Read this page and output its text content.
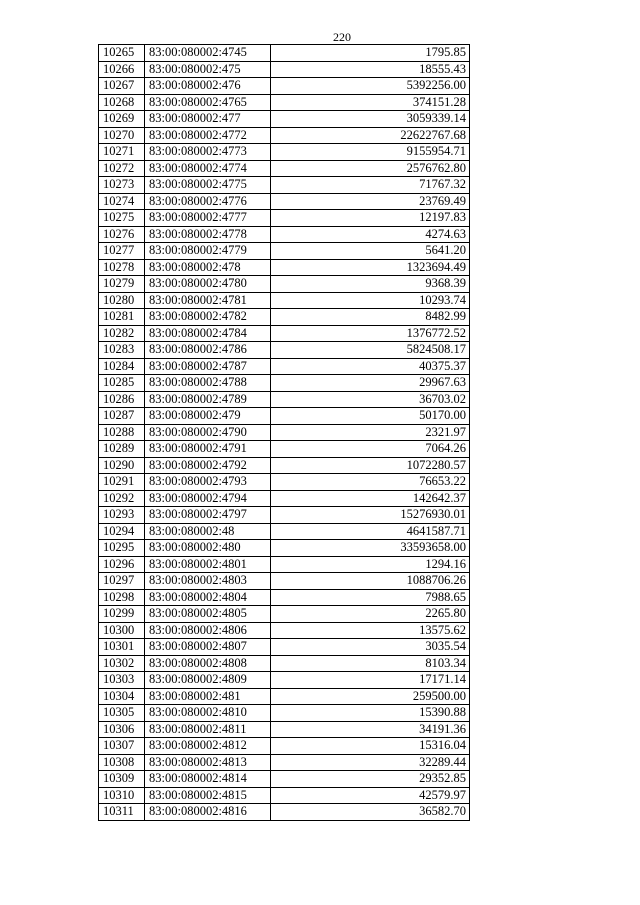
220
10265	83:00:080002:4745	1795.85
10266	83:00:080002:475	18555.43
10267	83:00:080002:476	5392256.00
10268	83:00:080002:4765	374151.28
10269	83:00:080002:477	3059339.14
10270	83:00:080002:4772	22622767.68
10271	83:00:080002:4773	9155954.71
10272	83:00:080002:4774	2576762.80
10273	83:00:080002:4775	71767.32
10274	83:00:080002:4776	23769.49
10275	83:00:080002:4777	12197.83
10276	83:00:080002:4778	4274.63
10277	83:00:080002:4779	5641.20
10278	83:00:080002:478	1323694.49
10279	83:00:080002:4780	9368.39
10280	83:00:080002:4781	10293.74
10281	83:00:080002:4782	8482.99
10282	83:00:080002:4784	1376772.52
10283	83:00:080002:4786	5824508.17
10284	83:00:080002:4787	40375.37
10285	83:00:080002:4788	29967.63
10286	83:00:080002:4789	36703.02
10287	83:00:080002:479	50170.00
10288	83:00:080002:4790	2321.97
10289	83:00:080002:4791	7064.26
10290	83:00:080002:4792	1072280.57
10291	83:00:080002:4793	76653.22
10292	83:00:080002:4794	142642.37
10293	83:00:080002:4797	15276930.01
10294	83:00:080002:48	4641587.71
10295	83:00:080002:480	33593658.00
10296	83:00:080002:4801	1294.16
10297	83:00:080002:4803	1088706.26
10298	83:00:080002:4804	7988.65
10299	83:00:080002:4805	2265.80
10300	83:00:080002:4806	13575.62
10301	83:00:080002:4807	3035.54
10302	83:00:080002:4808	8103.34
10303	83:00:080002:4809	17171.14
10304	83:00:080002:481	259500.00
10305	83:00:080002:4810	15390.88
10306	83:00:080002:4811	34191.36
10307	83:00:080002:4812	15316.04
10308	83:00:080002:4813	32289.44
10309	83:00:080002:4814	29352.85
10310	83:00:080002:4815	42579.97
10311	83:00:080002:4816	36582.70
